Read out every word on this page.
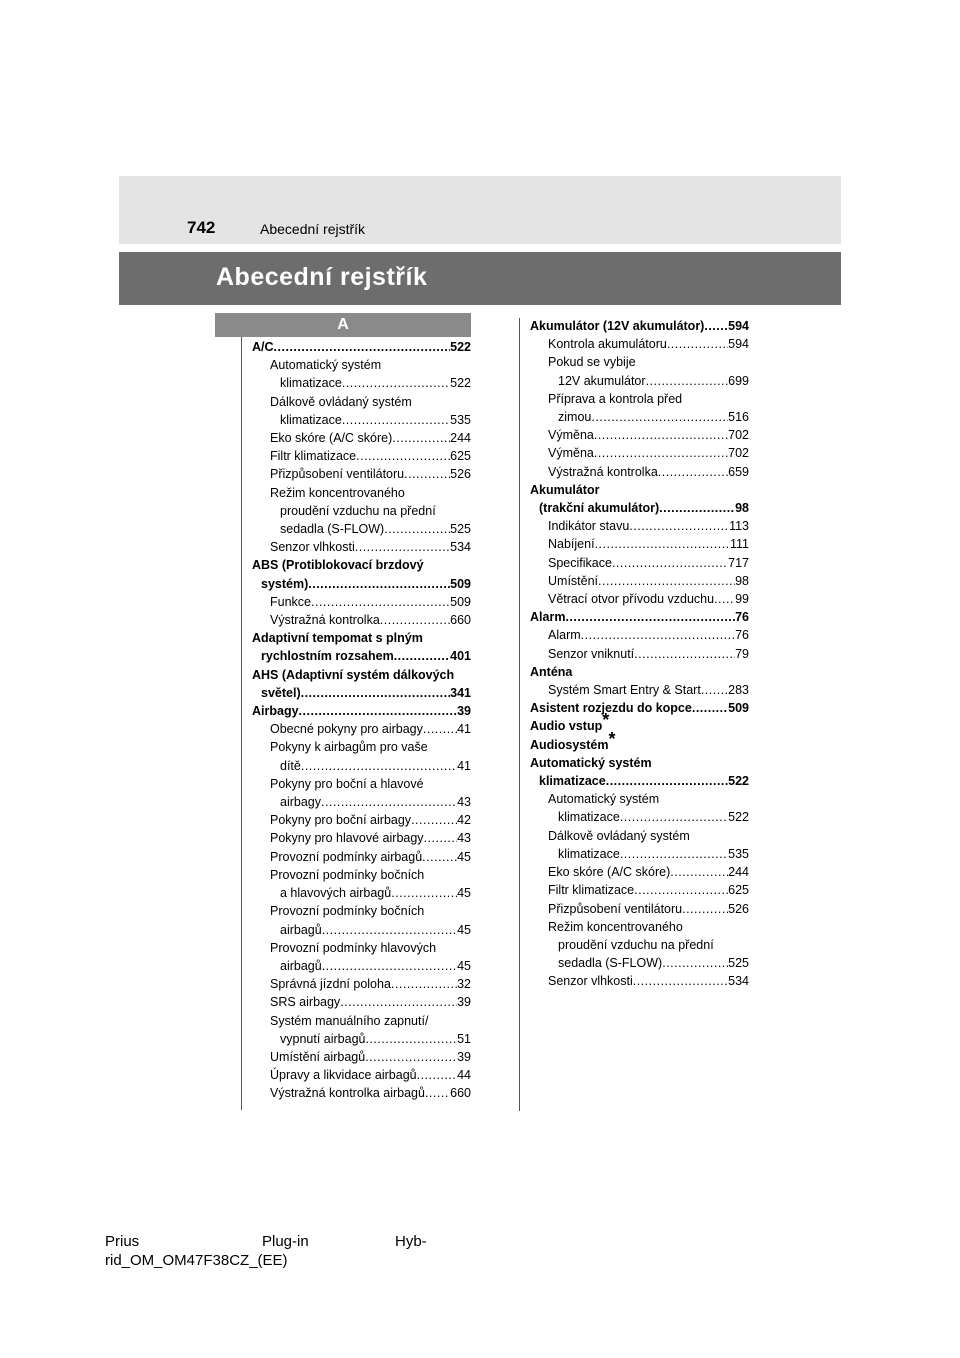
742	Abecední rejstřík
Abecední rejstřík
A
A/C .....	522
Automatický systém
klimatizace .....	522
Dálkově ovládaný systém
klimatizace .....	535
Eko skóre (A/C skóre) .....	244
Filtr klimatizace .....	625
Přizpůsobení ventilátoru .....	526
Režim koncentrovaného
proudění vzduchu na přední
sedadla (S-FLOW) .....	525
Senzor vlhkosti .....	534
ABS (Protiblokovací brzdový
systém) .....	509
Funkce .....	509
Výstražná kontrolka .....	660
Adaptivní tempomat s plným
rychlostním rozsahem .....	401
AHS (Adaptivní systém dálkových
světel) .....	341
Airbagy .....	39
Obecné pokyny pro airbagy .....	41
Pokyny k airbagům pro vaše
dítě .....	41
Pokyny pro boční a hlavové
airbagy .....	43
Pokyny pro boční airbagy .....	42
Pokyny pro hlavové airbagy .....	43
Provozní podmínky airbagů .....	45
Provozní podmínky bočních
a hlavových airbagů .....	45
Provozní podmínky bočních
airbagů .....	45
Provozní podmínky hlavových
airbagů .....	45
Správná jízdní poloha .....	32
SRS airbagy .....	39
Systém manuálního zapnutí/
vypnutí airbagů .....	51
Umístění airbagů .....	39
Úpravy a likvidace airbagů .....	44
Výstražná kontrolka airbagů ..... 660
Akumulátor (12V akumulátor) ..... 594
Kontrola akumulátoru .....	594
Pokud se vybije
12V akumulátor .....	699
Příprava a kontrola před
zimou .....	516
Výměna .....	702
Výměna .....	702
Výstražná kontrolka .....	659
Akumulátor
(trakční akumulátor) .....	98
Indikátor stavu .....	113
Nabíjení .....	111
Specifikace .....	717
Umístění .....	98
Větrací otvor přívodu vzduchu ..... 99
Alarm .....	76
Alarm .....	76
Senzor vniknutí .....	79
Anténa
Systém Smart Entry & Start ..... 283
Asistent rozjezdu do kopce .....	509
Audio vstup*
Audiosystém*
Automatický systém
klimatizace .....	522
Automatický systém
klimatizace .....	522
Dálkově ovládaný systém
klimatizace .....	535
Eko skóre (A/C skóre) .....	244
Filtr klimatizace .....	625
Přizpůsobení ventilátoru .....	526
Režim koncentrovaného
proudění vzduchu na přední
sedadla (S-FLOW) .....	525
Senzor vlhkosti .....	534
Prius	Plug-in	Hyb-
rid_OM_OM47F38CZ_(EE)
